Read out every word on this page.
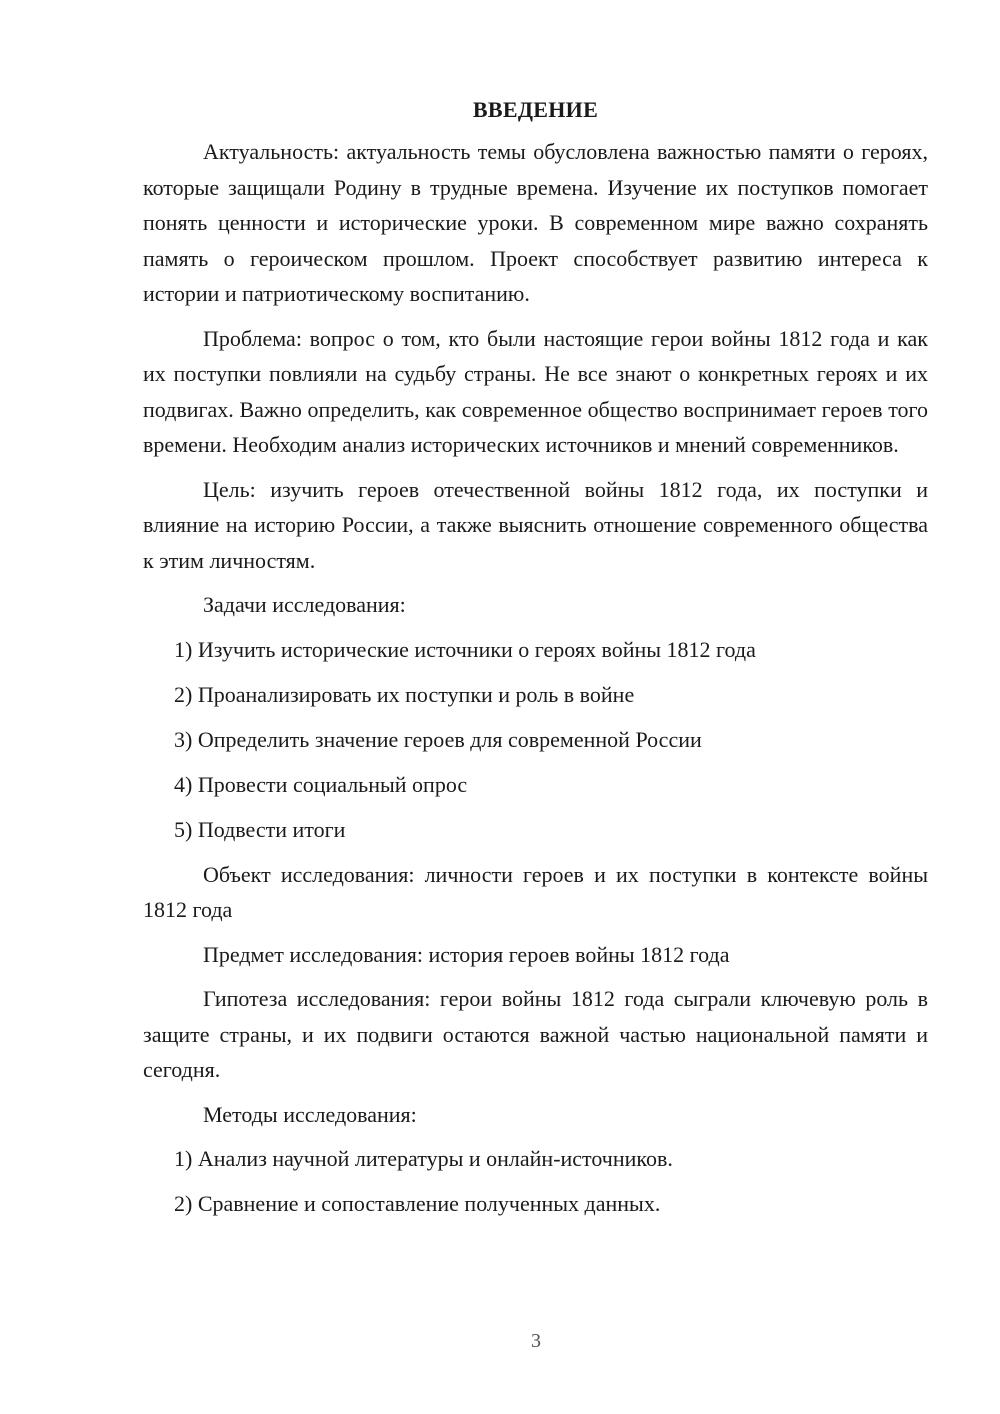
ВВЕДЕНИЕ

Актуальность: актуальность темы обусловлена важностью памяти о героях, которые защищали Родину в трудные времена. Изучение их поступков помогает понять ценности и исторические уроки. В современном мире важно сохранять память о героическом прошлом. Проект способствует развитию интереса к истории и патриотическому воспитанию.

Проблема: вопрос о том, кто были настоящие герои войны 1812 года и как их поступки повлияли на судьбу страны. Не все знают о конкретных героях и их подвигах. Важно определить, как современное общество воспринимает героев того времени. Необходим анализ исторических источников и мнений современников.

Цель: изучить героев отечественной войны 1812 года, их поступки и влияние на историю России, а также выяснить отношение современного общества к этим личностям.

Задачи исследования:

1) Изучить исторические источники о героях войны 1812 года
2) Проанализировать их поступки и роль в войне
3) Определить значение героев для современной России
4) Провести социальный опрос
5) Подвести итоги

Объект исследования: личности героев и их поступки в контексте войны 1812 года

Предмет исследования: история героев войны 1812 года

Гипотеза исследования: герои войны 1812 года сыграли ключевую роль в защите страны, и их подвиги остаются важной частью национальной памяти и сегодня.

Методы исследования:

1) Анализ научной литературы и онлайн-источников.
2) Сравнение и сопоставление полученных данных.
3
